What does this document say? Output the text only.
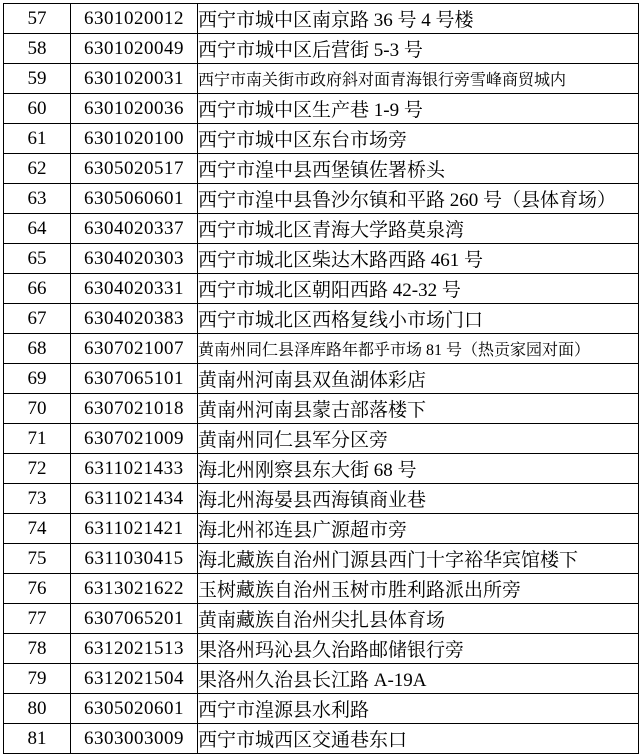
57	6301020012	西宁市城中区南京路 36 号 4 号楼
58	6301020049	西宁市城中区后营街 5-3 号
59	6301020031	西宁市南关街市政府斜对面青海银行旁雪峰商贸城内
60	6301020036	西宁市城中区生产巷 1-9 号
61	6301020100	西宁市城中区东台市场旁
62	6305020517	西宁市湟中县西堡镇佐署桥头
63	6305060601	西宁市湟中县鲁沙尔镇和平路 260 号（县体育场）
64	6304020337	西宁市城北区青海大学路莫泉湾
65	6304020303	西宁市城北区柴达木路西路 461 号
66	6304020331	西宁市城北区朝阳西路 42-32 号
67	6304020383	西宁市城北区西格复线小市场门口
68	6307021007	黄南州同仁县泽库路年都乎市场 81 号（热贡家园对面）
69	6307065101	黄南州河南县双鱼湖体彩店
70	6307021018	黄南州河南县蒙古部落楼下
71	6307021009	黄南州同仁县军分区旁
72	6311021433	海北州刚察县东大街 68 号
73	6311021434	海北州海晏县西海镇商业巷
74	6311021421	海北州祁连县广源超市旁
75	6311030415	海北藏族自治州门源县西门十字裕华宾馆楼下
76	6313021622	玉树藏族自治州玉树市胜利路派出所旁
77	6307065201	黄南藏族自治州尖扎县体育场
78	6312021513	果洛州玛沁县久治路邮储银行旁
79	6312021504	果洛州久治县长江路 A-19A
80	6305020601	西宁市湟源县水利路
81	6303003009	西宁市城西区交通巷东口
